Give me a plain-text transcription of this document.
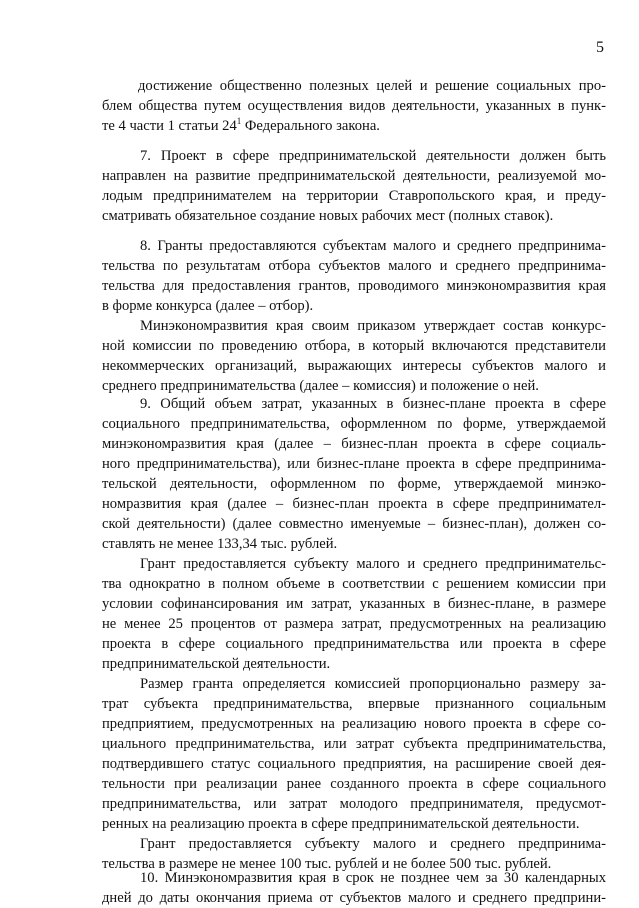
5
достижение общественно полезных целей и решение социальных про-
блем общества путем осуществления видов деятельности, указанных в пунк-
те 4 части 1 статьи $24^1$ Федерального закона.
7. Проект в сфере предпринимательской деятельности должен быть
направлен на развитие предпринимательской деятельности, реализуемой мо-
лодым предпринимателем на территории Ставропольского края, и преду-
сматривать обязательное создание новых рабочих мест (полных ставок).
8. Гранты предоставляются субъектам малого и среднего предпринима-
тельства по результатам отбора субъектов малого и среднего предпринима-
тельства для предоставления грантов, проводимого минэкономразвития края
в форме конкурса (далее – отбор).
Минэкономразвития края своим приказом утверждает состав конкурс-
ной комиссии по проведению отбора, в который включаются представители
некоммерческих организаций, выражающих интересы субъектов малого и
среднего предпринимательства (далее – комиссия) и положение о ней.
9. Общий объем затрат, указанных в бизнес-плане проекта в сфере
социального предпринимательства, оформленном по форме, утверждаемой
минэкономразвития края (далее – бизнес-план проекта в сфере социаль-
ного предпринимательства), или бизнес-плане проекта в сфере предпринима-
тельской деятельности, оформленном по форме, утверждаемой минэко-
номразвития края (далее – бизнес-план проекта в сфере предпринимател-
ской деятельности) (далее совместно именуемые – бизнес-план), должен со-
ставлять не менее 133,34 тыс. рублей.
Грант предоставляется субъекту малого и среднего предпринимательс-
тва однократно в полном объеме в соответствии с решением комиссии при
условии софинансирования им затрат, указанных в бизнес-плане, в размере
не менее 25 процентов от размера затрат, предусмотренных на реализацию
проекта в сфере социального предпринимательства или проекта в сфере
предпринимательской деятельности.
Размер гранта определяется комиссией пропорционально размеру за-
трат субъекта предпринимательства, впервые признанного социальным
предприятием, предусмотренных на реализацию нового проекта в сфере со-
циального предпринимательства, или затрат субъекта предпринимательства,
подтвердившего статус социального предприятия, на расширение своей дея-
тельности при реализации ранее созданного проекта в сфере социального
предпринимательства, или затрат молодого предпринимателя, предусмот-
ренных на реализацию проекта в сфере предпринимательской деятельности.
Грант предоставляется субъекту малого и среднего предпринима-
тельства в размере не менее 100 тыс. рублей и не более 500 тыс. рублей.
10. Минэкономразвития края в срок не позднее чем за 30 календарных
дней до даты окончания приема от субъектов малого и среднего предприни-
